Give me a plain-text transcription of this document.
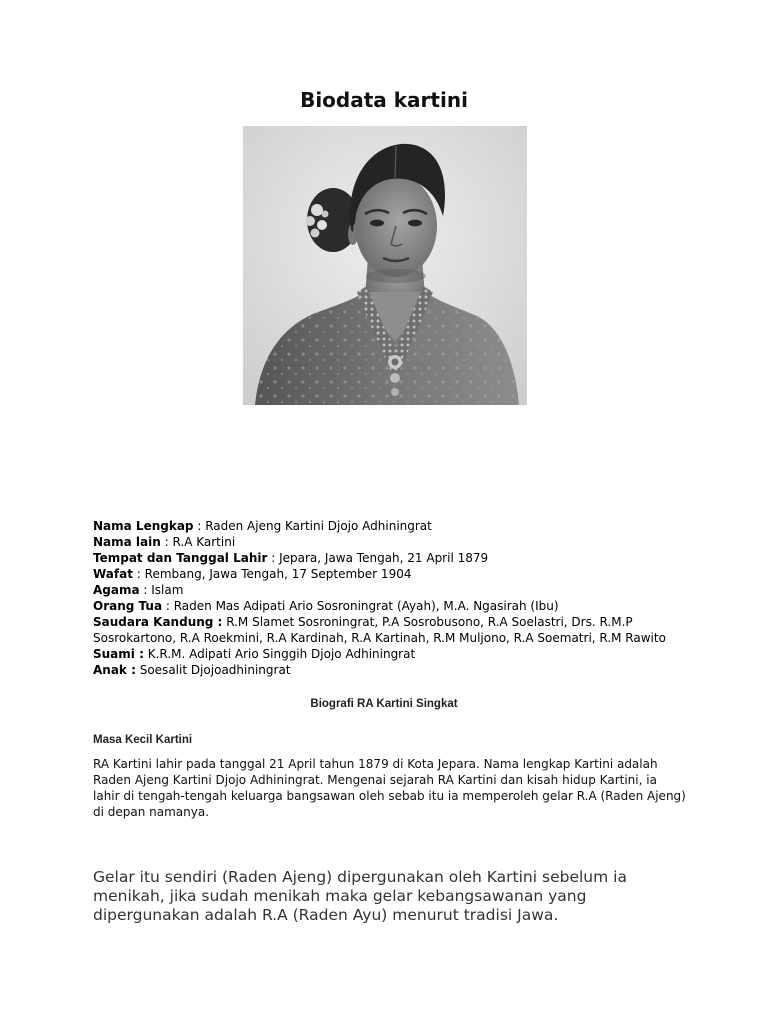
Biodata kartini
Nama Lengkap : Raden Ajeng Kartini Djojo Adhiningrat
Nama lain : R.A Kartini
Tempat dan Tanggal Lahir : Jepara, Jawa Tengah, 21 April 1879
Wafat : Rembang, Jawa Tengah, 17 September 1904
Agama : Islam
Orang Tua : Raden Mas Adipati Ario Sosroningrat (Ayah), M.A. Ngasirah (Ibu)
Saudara Kandung : R.M Slamet Sosroningrat, P.A Sosrobusono, R.A Soelastri, Drs. R.M.P
Sosrokartono, R.A Roekmini, R.A Kardinah, R.A Kartinah, R.M Muljono, R.A Soematri, R.M Rawito
Suami : K.R.M. Adipati Ario Singgih Djojo Adhiningrat
Anak : Soesalit Djojoadhiningrat
Biografi RA Kartini Singkat
Masa Kecil Kartini
RA Kartini lahir pada tanggal 21 April tahun 1879 di Kota Jepara. Nama lengkap Kartini adalah
Raden Ajeng Kartini Djojo Adhiningrat. Mengenai sejarah RA Kartini dan kisah hidup Kartini, ia
lahir di tengah-tengah keluarga bangsawan oleh sebab itu ia memperoleh gelar R.A (Raden Ajeng)
di depan namanya.
Gelar itu sendiri (Raden Ajeng) dipergunakan oleh Kartini sebelum ia
menikah, jika sudah menikah maka gelar kebangsawanan yang
dipergunakan adalah R.A (Raden Ayu) menurut tradisi Jawa.
